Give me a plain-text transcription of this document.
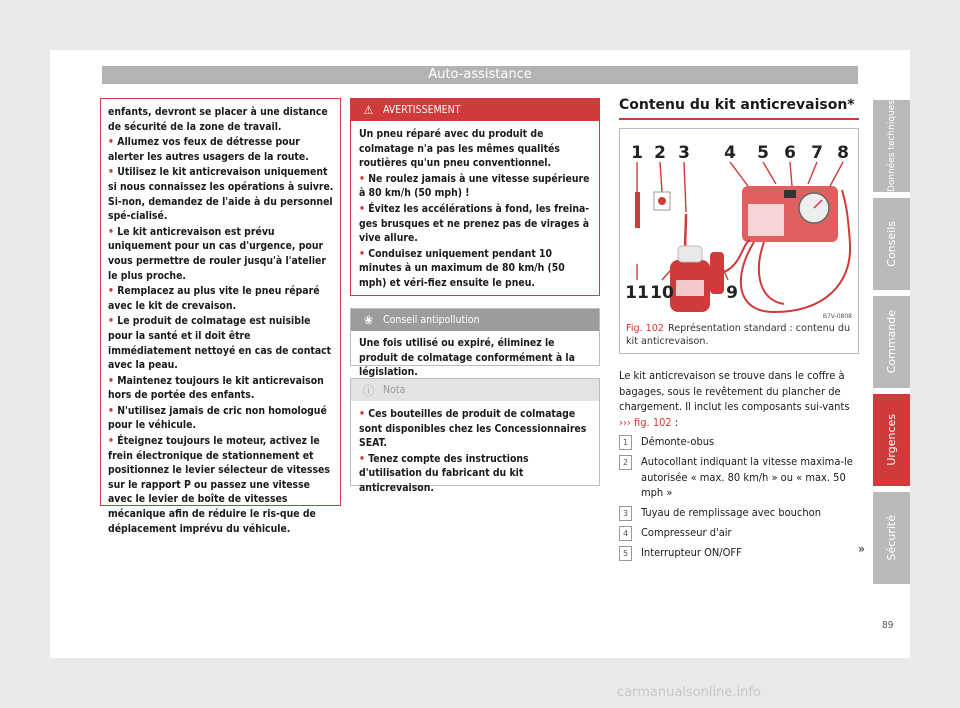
Auto-assistance

enfants, devront se placer à une distance de sécurité de la zone de travail.

• Allumez vos feux de détresse pour alerter les autres usagers de la route.

• Utilisez le kit anticrevaison uniquement si nous connaissez les opérations à suivre. Si-non, demandez de l'aide à du personnel spé-cialisé.

• Le kit anticrevaison est prévu uniquement pour un cas d'urgence, pour vous permettre de rouler jusqu'à l'atelier le plus proche.

• Remplacez au plus vite le pneu réparé avec le kit de crevaison.

• Le produit de colmatage est nuisible pour la santé et il doit être immédiatement nettoyé en cas de contact avec la peau.

• Maintenez toujours le kit anticrevaison hors de portée des enfants.

• N'utilisez jamais de cric non homologué pour le véhicule.

• Éteignez toujours le moteur, activez le frein électronique de stationnement et positionnez le levier sélecteur de vitesses sur le rapport P ou passez une vitesse avec le levier de boîte de vitesses mécanique afin de réduire le ris-que de déplacement imprévu du véhicule.

⚠ AVERTISSEMENT

Un pneu réparé avec du produit de colmatage n'a pas les mêmes qualités routières qu'un pneu conventionnel.

• Ne roulez jamais à une vitesse supérieure à 80 km/h (50 mph) !

• Évitez les accélérations à fond, les freina-ges brusques et ne prenez pas de virages à vive allure.

• Conduisez uniquement pendant 10 minutes à un maximum de 80 km/h (50 mph) et véri-fiez ensuite le pneu.

❀ Conseil antipollution

Une fois utilisé ou expiré, éliminez le produit de colmatage conformément à la législation.

ⓘ Nota

• Ces bouteilles de produit de colmatage sont disponibles chez les Concessionnaires SEAT.

• Tenez compte des instructions d'utilisation du fabricant du kit anticrevaison.

Contenu du kit anticrevaison*
1 2 3 4 5 6 7 8
9
10
11
B7V-0808
Fig. 102 Représentation standard : contenu du kit anticrevaison.
Le kit anticrevaison se trouve dans le coffre à bagages, sous le revêtement du plancher de chargement. Il inclut les composants sui-vants ››› fig. 102 :
1	Démonte-obus
2	Autocollant indiquant la vitesse maxima-le autorisée « max. 80 km/h » ou « max. 50 mph »
3	Tuyau de remplissage avec bouchon
4	Compresseur d'air
5	Interrupteur ON/OFF	»
89
Données techniques
Conseils
Commande
Urgences
Sécurité
carmanualsonline.info
